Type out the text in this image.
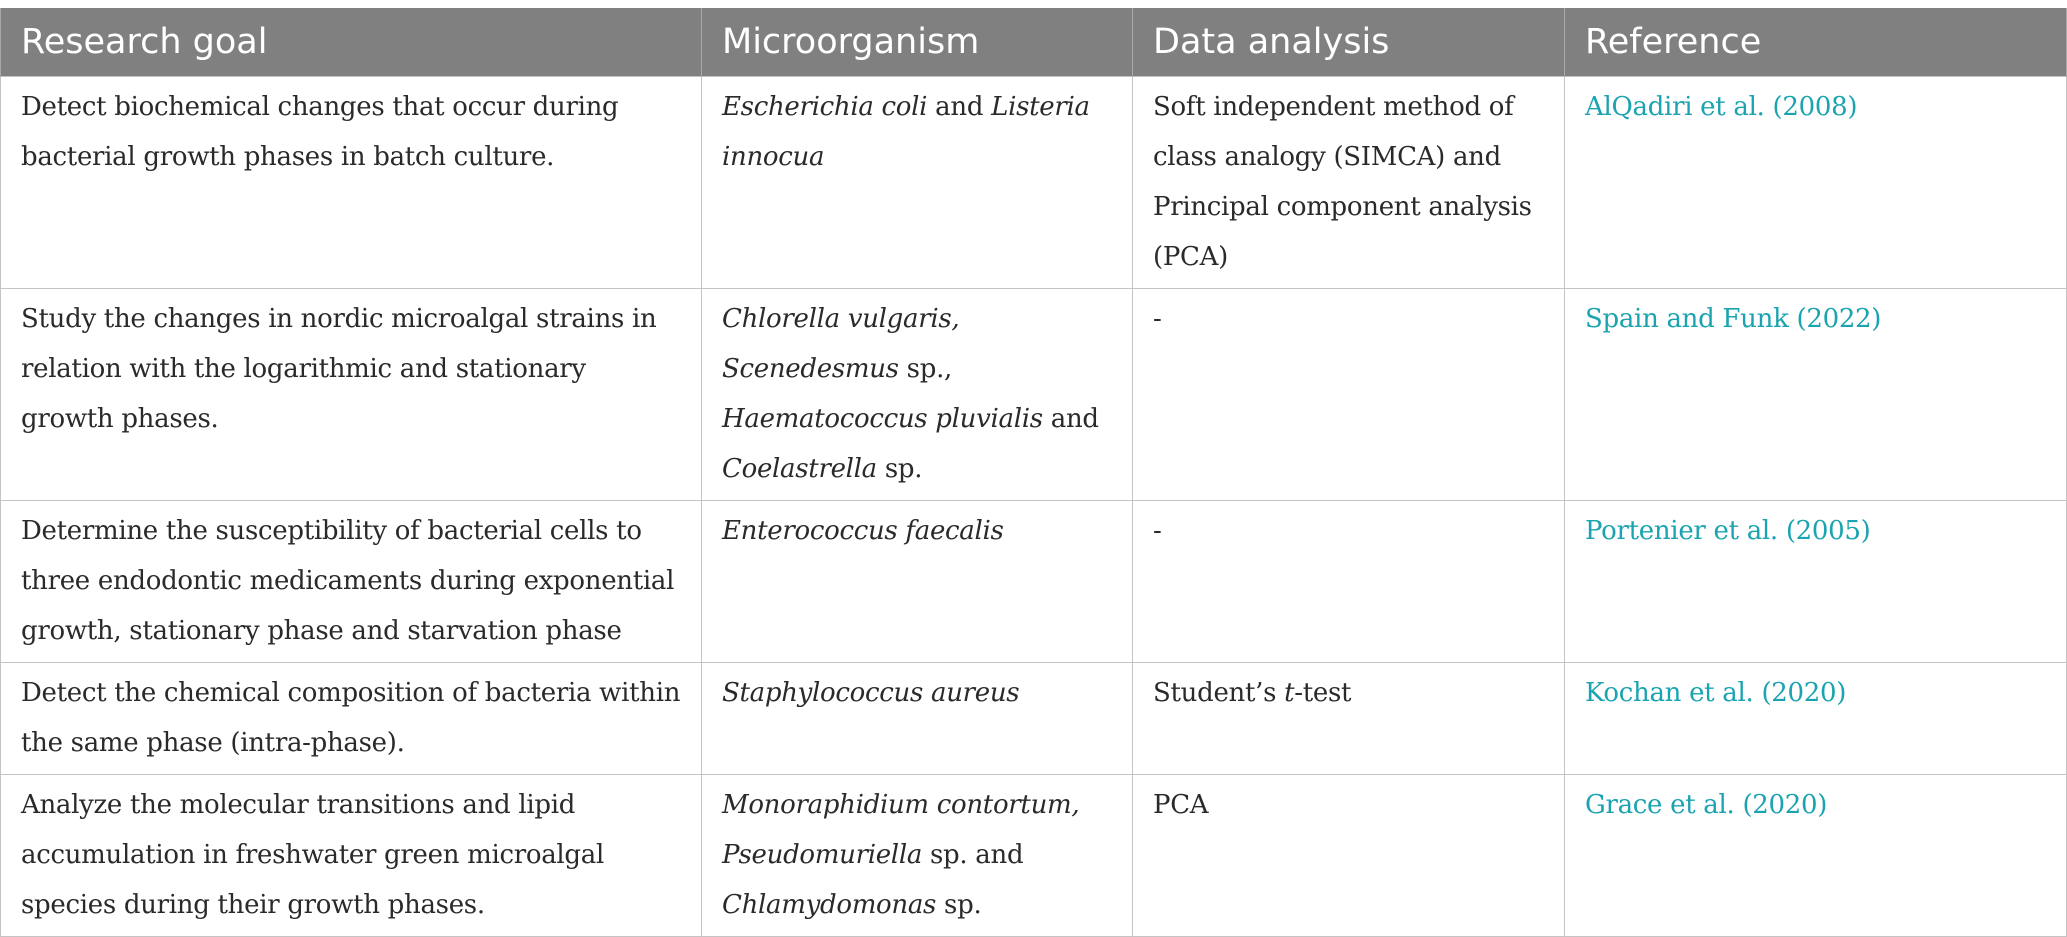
Research goal	Microorganism	Data analysis	Reference
Detect biochemical changes that occur during bacterial growth phases in batch culture.	Escherichia coli and Listeria innocua	Soft independent method of class analogy (SIMCA) and Principal component analysis (PCA)	AlQadiri et al. (2008)
Study the changes in nordic microalgal strains in relation with the logarithmic and stationary growth phases.	Chlorella vulgaris, Scenedesmus sp., Haematococcus pluvialis and Coelastrella sp.	-	Spain and Funk (2022)
Determine the susceptibility of bacterial cells to three endodontic medicaments during exponential growth, stationary phase and starvation phase	Enterococcus faecalis	-	Portenier et al. (2005)
Detect the chemical composition of bacteria within the same phase (intra-phase).	Staphylococcus aureus	Student’s t-test	Kochan et al. (2020)
Analyze the molecular transitions and lipid accumulation in freshwater green microalgal species during their growth phases.	Monoraphidium contortum, Pseudomuriella sp. and Chlamydomonas sp.	PCA	Grace et al. (2020)
